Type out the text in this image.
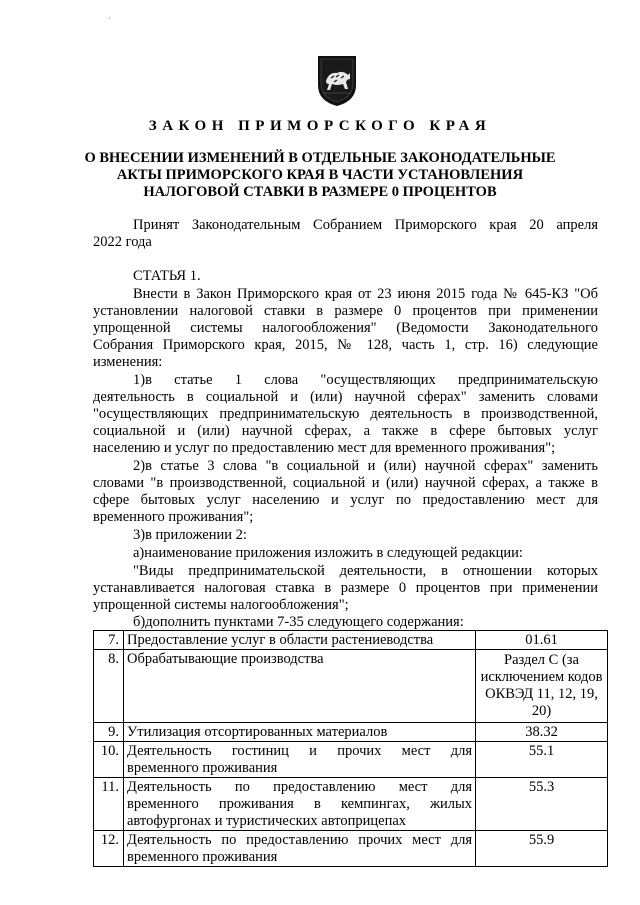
·
ЗАКОН ПРИМОРСКОГО КРАЯ
О ВНЕСЕНИИ ИЗМЕНЕНИЙ В ОТДЕЛЬНЫЕ ЗАКОНОДАТЕЛЬНЫЕ
АКТЫ ПРИМОРСКОГО КРАЯ В ЧАСТИ УСТАНОВЛЕНИЯ
НАЛОГОВОЙ СТАВКИ В РАЗМЕРЕ 0 ПРОЦЕНТОВ

Принят Законодательным Собранием Приморского края 20 апреля

2022 года

СТАТЬЯ 1.

Внести в Закон Приморского края от 23 июня 2015 года № 645-КЗ "Об

установлении налоговой ставки в размере 0 процентов при применении

упрощенной системы налогообложения" (Ведомости Законодательного

Собрания Приморского края, 2015, № 128, часть 1, стр. 16) следующие

изменения:

1)в    статье    1    слова    "осуществляющих    предпринимательскую

деятельность в социальной и (или) научной сферах" заменить словами

"осуществляющих предпринимательскую деятельность в производственной,

социальной и (или) научной сферах, а также в сфере бытовых услуг

населению и услуг по предоставлению мест для временного проживания";

2)в статье 3 слова "в социальной и (или) научной сферах" заменить

словами "в производственной, социальной и (или) научной сферах, а также в

сфере бытовых услуг населению и услуг по предоставлению мест для

временного проживания";

3)в приложении 2:

а)наименование приложения изложить в следующей редакции:

"Виды предпринимательской деятельности, в отношении которых

устанавливается налоговая ставка в размере 0 процентов при применении

упрощенной системы налогообложения";

б)дополнить пунктами 7-35 следующего содержания:

7.	Предоставление услуг в области растениеводства	01.61
8.	Обрабатывающие производства	Раздел С (за исключением кодов ОКВЭД 11, 12, 19, 20)
9.	Утилизация отсортированных материалов	38.32
10.	Деятельность    гостиниц    и    прочих    мест    для
временного проживания	55.1
11.	Деятельность    по    предоставлению    мест    для
временного    проживания    в    кемпингах,    жилых
автофургонах и туристических автоприцепах	55.3
12.	Деятельность по предоставлению прочих мест для
временного проживания	55.9
